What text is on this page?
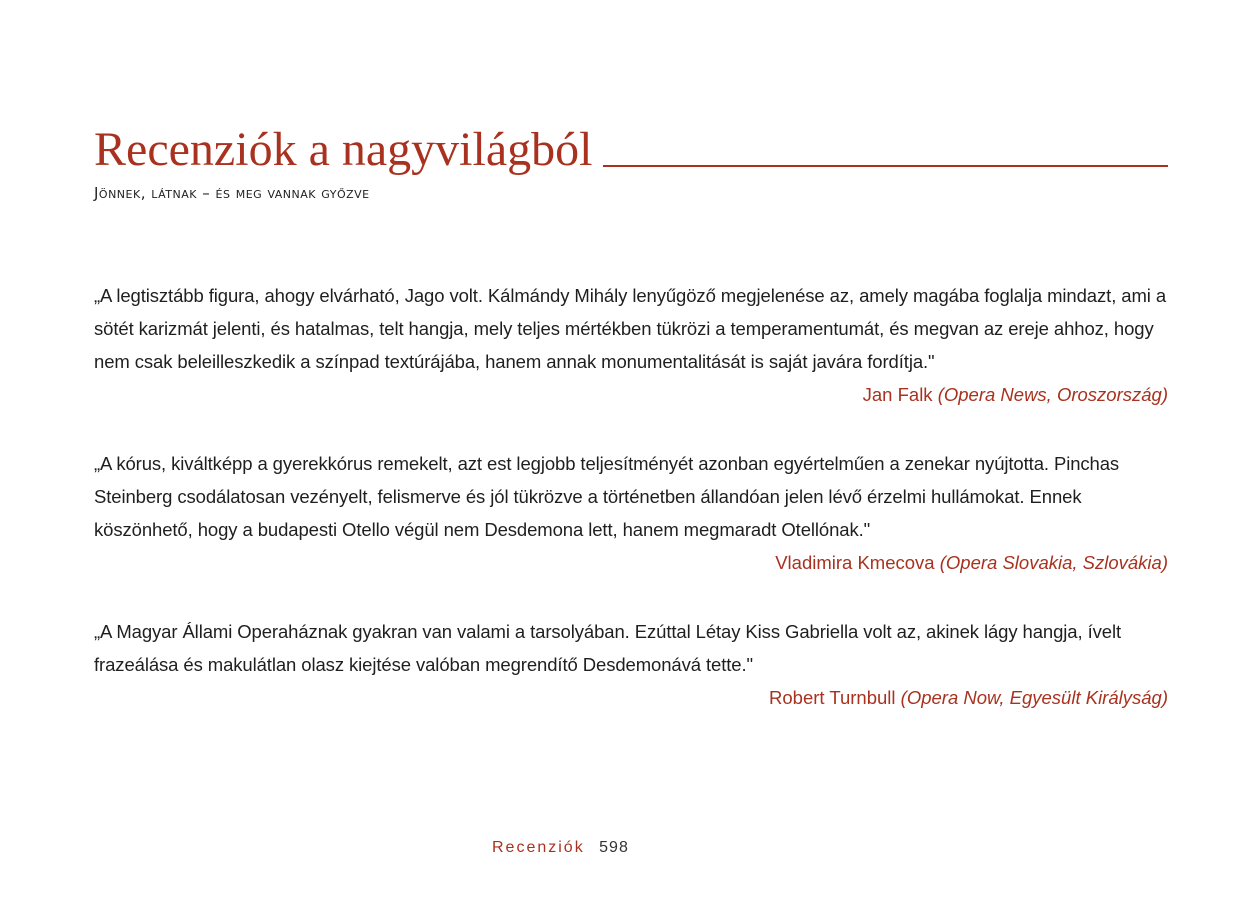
Recenziók a nagyvilágból
Jönnek, látnak – és meg vannak győzve
„A legtisztább figura, ahogy elvárható, Jago volt. Kálmándy Mihály lenyűgöző megjelenése az, amely magába foglalja mindazt, ami a sötét karizmát jelenti, és hatalmas, telt hangja, mely teljes mértékben tükrözi a temperamentumát, és megvan az ereje ahhoz, hogy nem csak beleilleszkedik a színpad textúrájába, hanem annak monumentalitását is saját javára fordítja."
Jan Falk (Opera News, Oroszország)
„A kórus, kiváltképp a gyerekkórus remekelt, azt est legjobb teljesítményét azonban egyértelműen a zenekar nyújtotta. Pinchas Steinberg csodálatosan vezényelt, felismerve és jól tükrözve a történetben állandóan jelen lévő érzelmi hullámokat. Ennek köszönhető, hogy a budapesti Otello végül nem Desdemona lett, hanem megmaradt Otellónak."
Vladimira Kmecova (Opera Slovakia, Szlovákia)
„A Magyar Állami Operaháznak gyakran van valami a tarsolyában. Ezúttal Létay Kiss Gabriella volt az, akinek lágy hangja, ívelt frazeálása és makulátlan olasz kiejtése valóban megrendítő Desdemonává tette."
Robert Turnbull (Opera Now, Egyesült Királyság)
Recenziók 598
